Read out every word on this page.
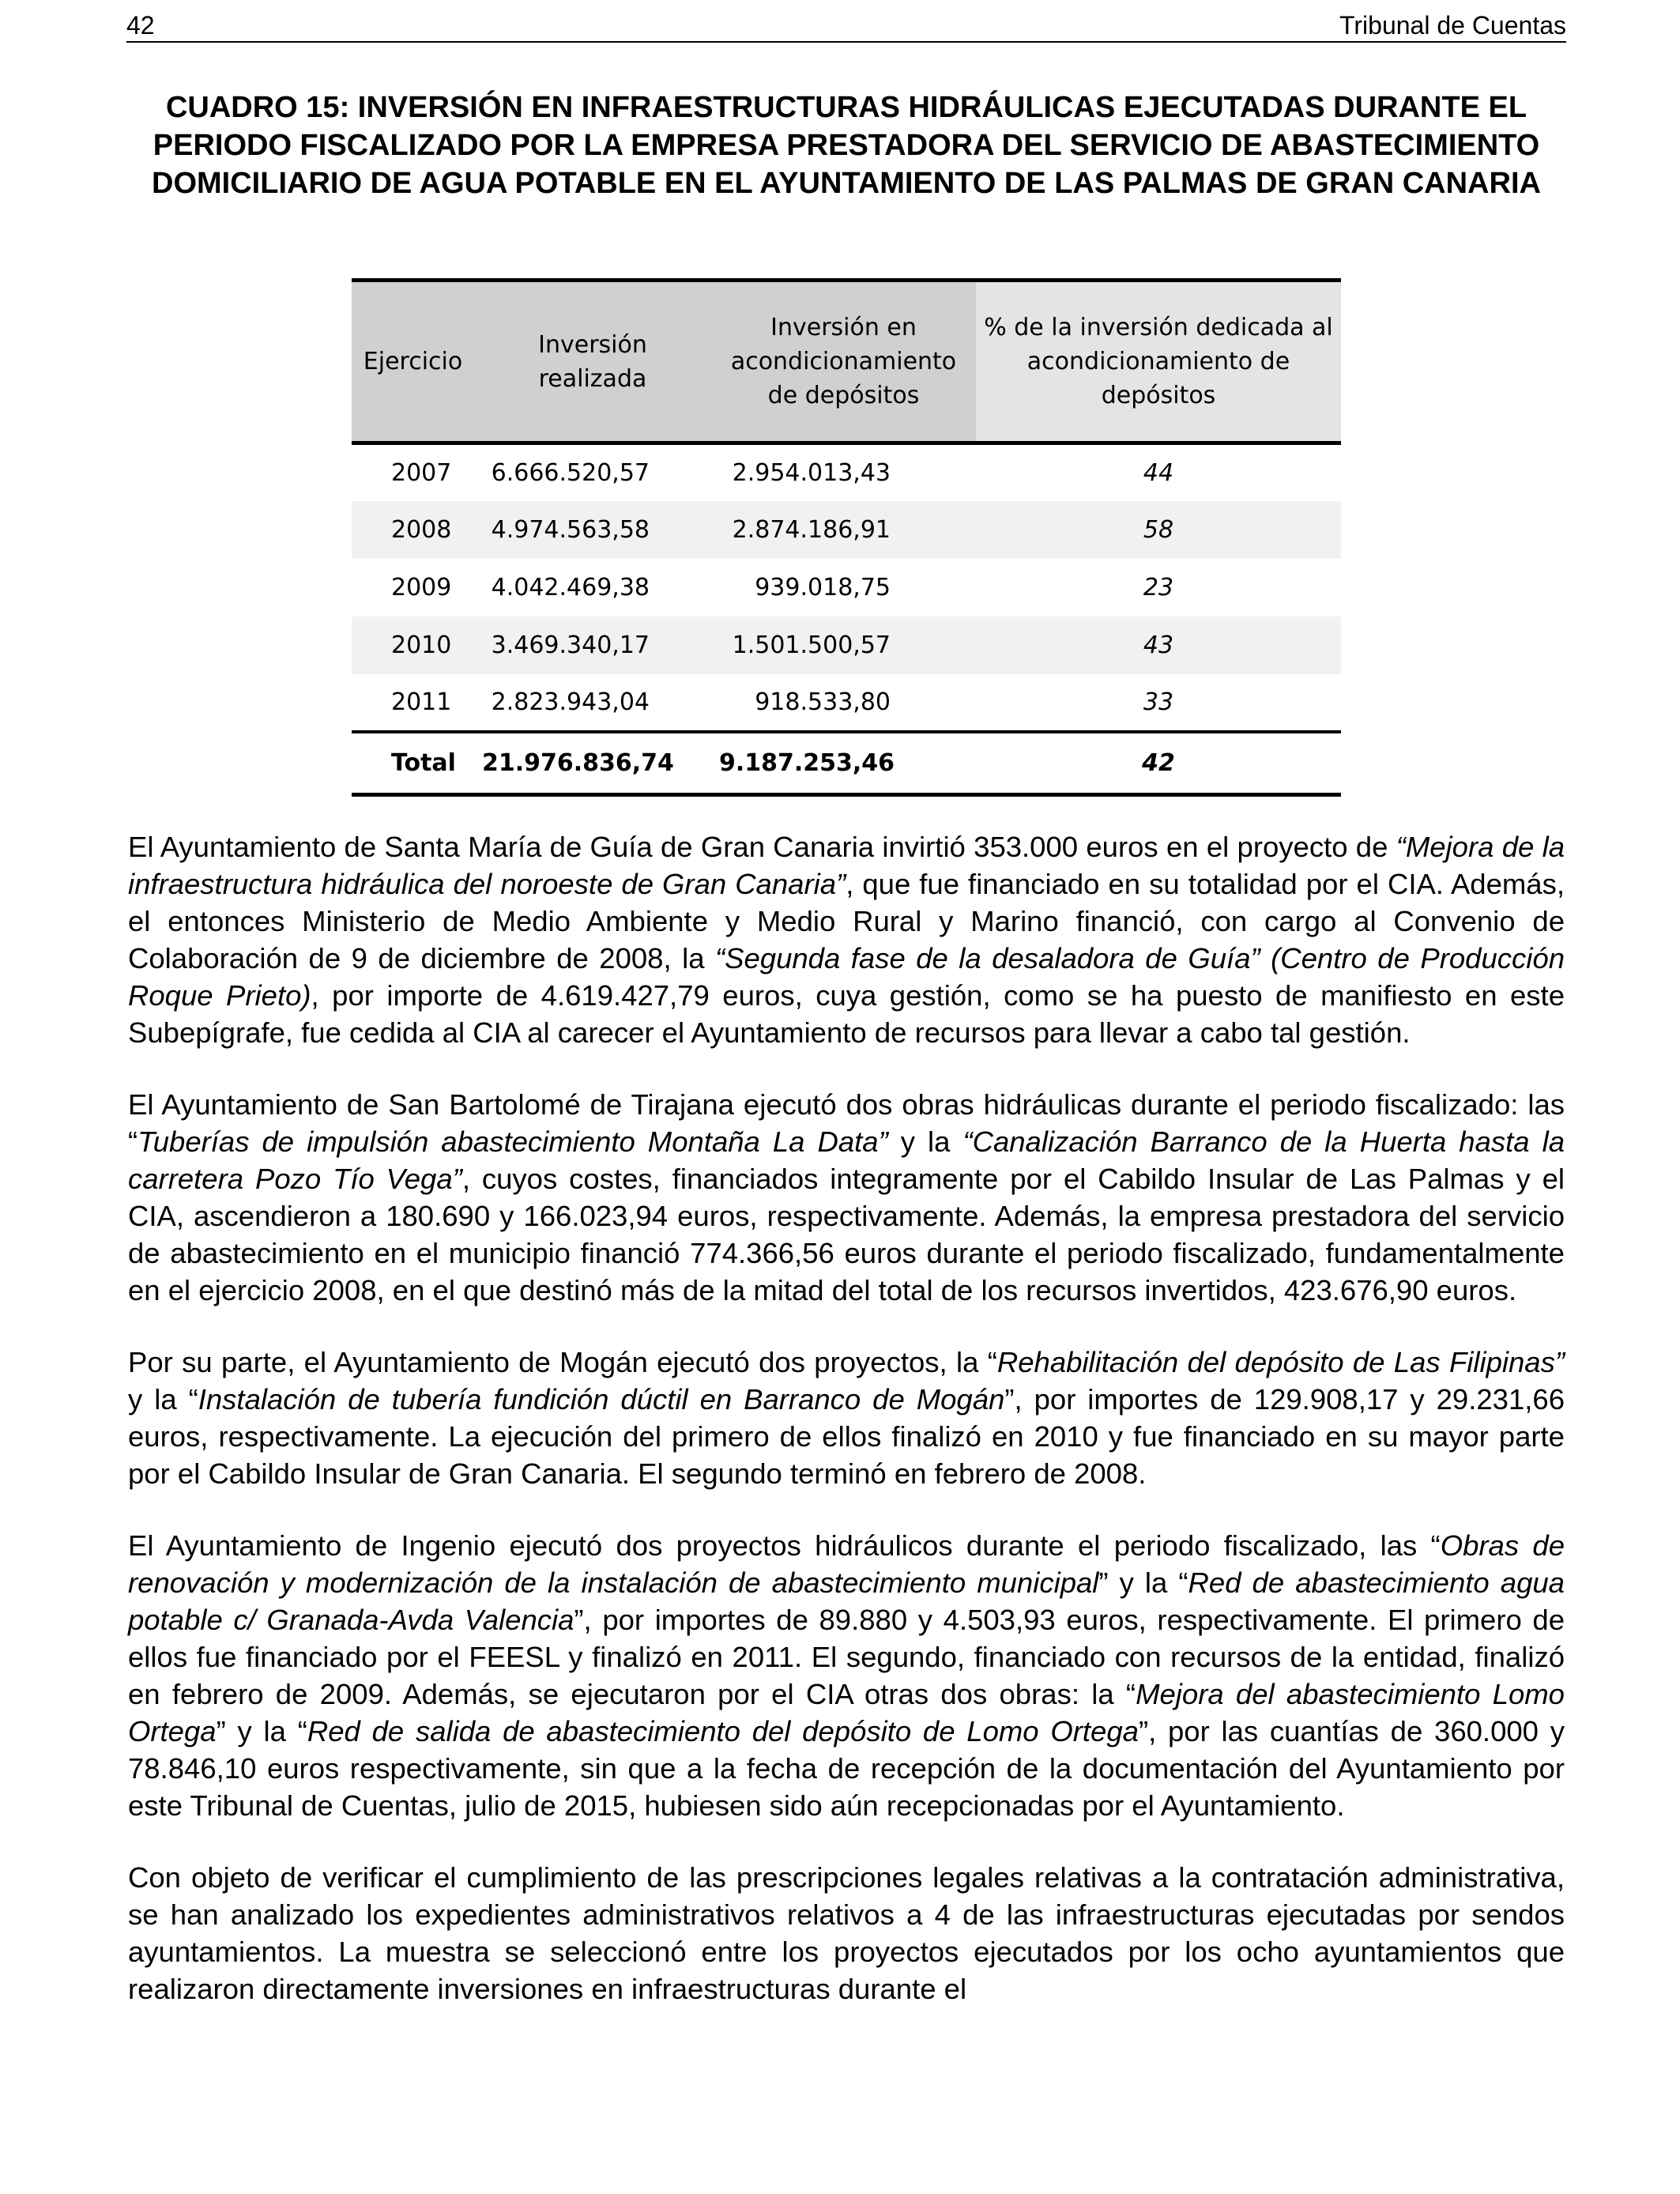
42	Tribunal de Cuentas
CUADRO 15: INVERSIÓN EN INFRAESTRUCTURAS HIDRÁULICAS EJECUTADAS DURANTE EL PERIODO FISCALIZADO POR LA EMPRESA PRESTADORA DEL SERVICIO DE ABASTECIMIENTO DOMICILIARIO DE AGUA POTABLE EN EL AYUNTAMIENTO DE LAS PALMAS DE GRAN CANARIA
Ejercicio	Inversión realizada	Inversión en acondicionamiento de depósitos	% de la inversión dedicada al acondicionamiento de depósitos
2007	6.666.520,57	2.954.013,43	44
2008	4.974.563,58	2.874.186,91	58
2009	4.042.469,38	939.018,75	23
2010	3.469.340,17	1.501.500,57	43
2011	2.823.943,04	918.533,80	33
Total	21.976.836,74	9.187.253,46	42

El Ayuntamiento de Santa María de Guía de Gran Canaria invirtió 353.000 euros en el proyecto de “Mejora de la infraestructura hidráulica del noroeste de Gran Canaria”, que fue financiado en su totalidad por el CIA. Además, el entonces Ministerio de Medio Ambiente y Medio Rural y Marino financió, con cargo al Convenio de Colaboración de 9 de diciembre de 2008, la “Segunda fase de la desaladora de Guía” (Centro de Producción Roque Prieto), por importe de 4.619.427,79 euros, cuya gestión, como se ha puesto de manifiesto en este Subepígrafe, fue cedida al CIA al carecer el Ayuntamiento de recursos para llevar a cabo tal gestión.

El Ayuntamiento de San Bartolomé de Tirajana ejecutó dos obras hidráulicas durante el periodo fiscalizado: las “Tuberías de impulsión abastecimiento Montaña La Data” y la “Canalización Barranco de la Huerta hasta la carretera Pozo Tío Vega”, cuyos costes, financiados integramente por el Cabildo Insular de Las Palmas y el CIA, ascendieron a 180.690 y 166.023,94 euros, respectivamente. Además, la empresa prestadora del servicio de abastecimiento en el municipio financió 774.366,56 euros durante el periodo fiscalizado, fundamentalmente en el ejercicio 2008, en el que destinó más de la mitad del total de los recursos invertidos, 423.676,90 euros.

Por su parte, el Ayuntamiento de Mogán ejecutó dos proyectos, la “Rehabilitación del depósito de Las Filipinas” y la “Instalación de tubería fundición dúctil en Barranco de Mogán”, por importes de 129.908,17 y 29.231,66 euros, respectivamente. La ejecución del primero de ellos finalizó en 2010 y fue financiado en su mayor parte por el Cabildo Insular de Gran Canaria. El segundo terminó en febrero de 2008.

El Ayuntamiento de Ingenio ejecutó dos proyectos hidráulicos durante el periodo fiscalizado, las “Obras de renovación y modernización de la instalación de abastecimiento municipal” y la “Red de abastecimiento agua potable c/ Granada-Avda Valencia”, por importes de 89.880 y 4.503,93 euros, respectivamente. El primero de ellos fue financiado por el FEESL y finalizó en 2011. El segundo, financiado con recursos de la entidad, finalizó en febrero de 2009. Además, se ejecutaron por el CIA otras dos obras: la “Mejora del abastecimiento Lomo Ortega” y la “Red de salida de abastecimiento del depósito de Lomo Ortega”, por las cuantías de 360.000 y 78.846,10 euros respectivamente, sin que a la fecha de recepción de la documentación del Ayuntamiento por este Tribunal de Cuentas, julio de 2015, hubiesen sido aún recepcionadas por el Ayuntamiento.

Con objeto de verificar el cumplimiento de las prescripciones legales relativas a la contratación administrativa, se han analizado los expedientes administrativos relativos a 4 de las infraestructuras ejecutadas por sendos ayuntamientos. La muestra se seleccionó entre los proyectos ejecutados por los ocho ayuntamientos que realizaron directamente inversiones en infraestructuras durante el
